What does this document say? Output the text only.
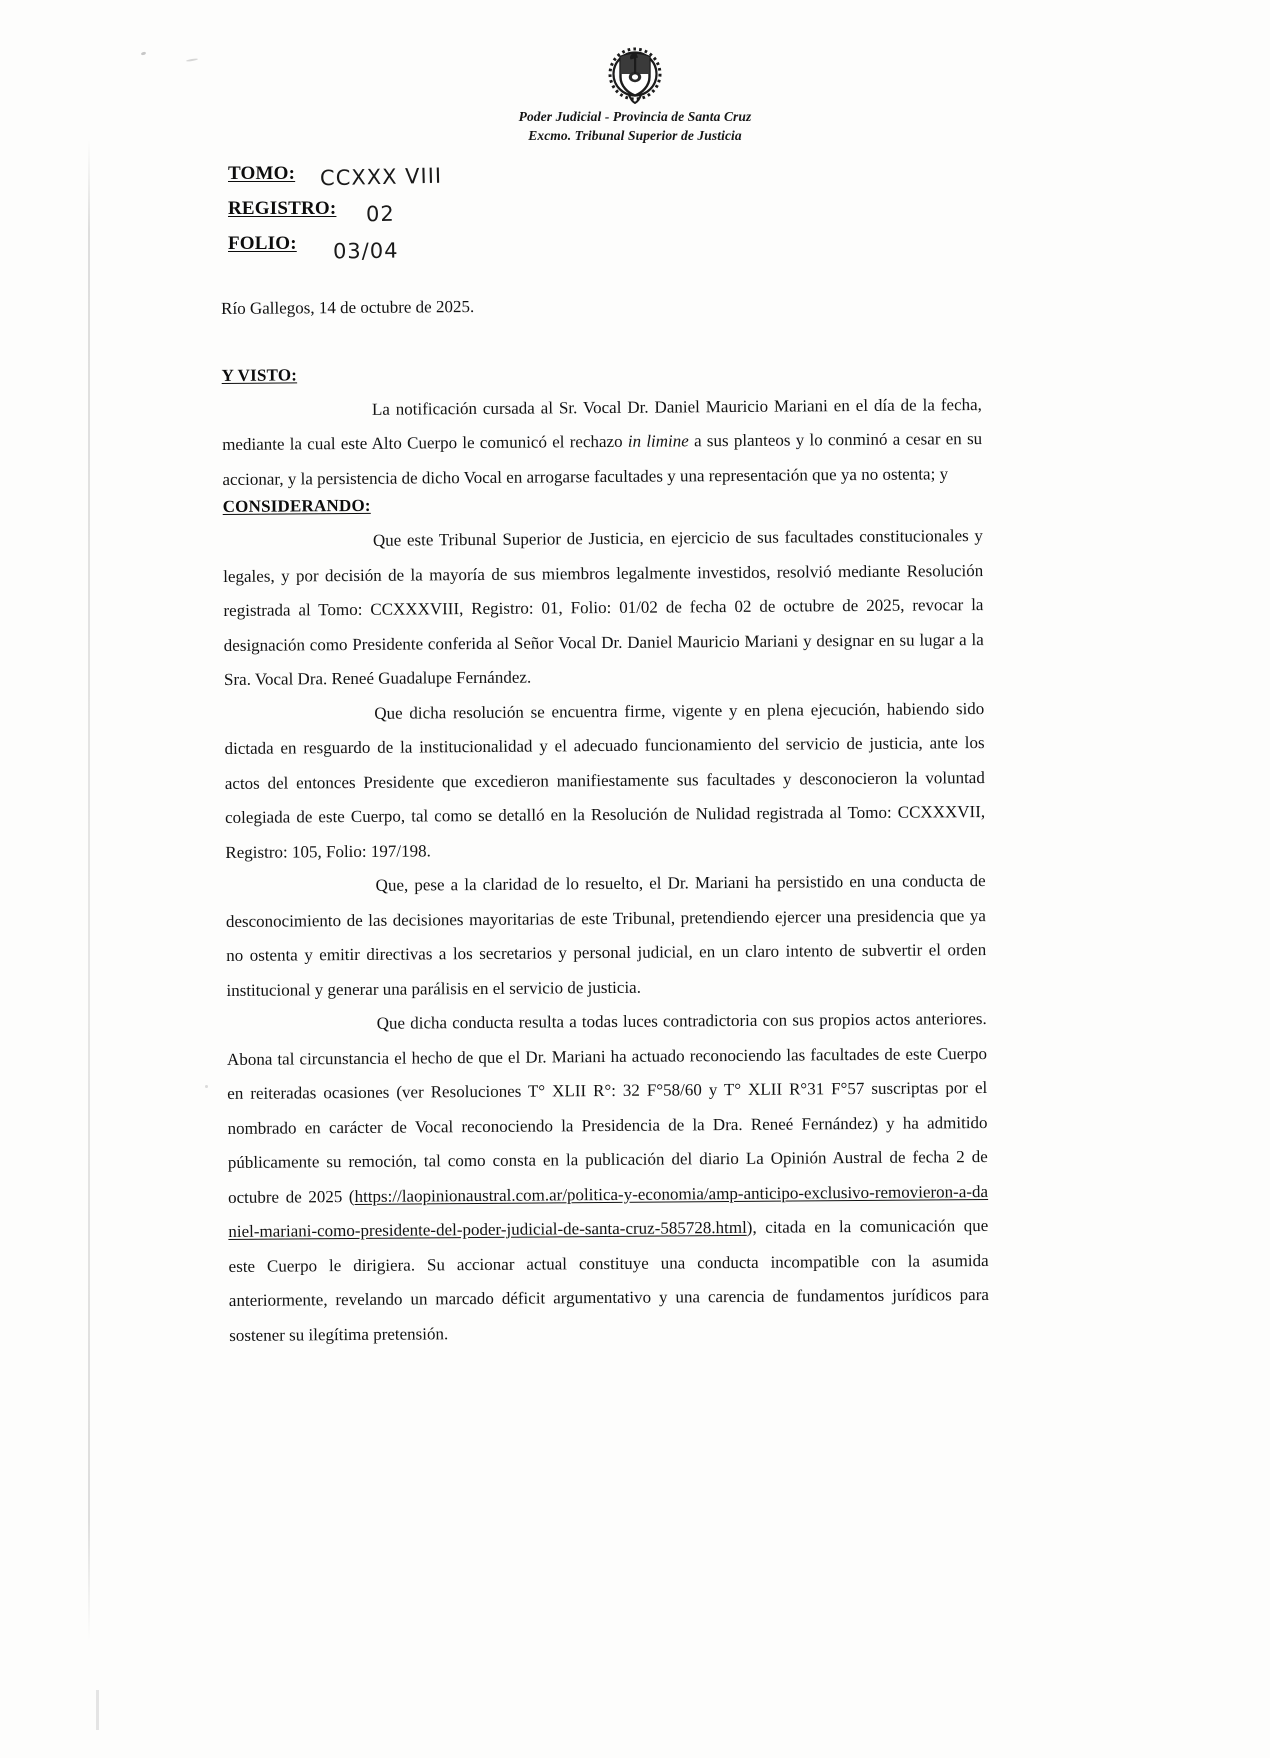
Poder Judicial - Provincia de Santa Cruz
Excmo. Tribunal Superior de Justicia
TOMO: CCXXX VIII
REGISTRO: 02
FOLIO: 03/04
Río Gallegos, 14 de octubre de 2025.
Y VISTO:

La notificación cursada al Sr. Vocal Dr. Daniel Mauricio Mariani en el día de la fecha, mediante la cual este Alto Cuerpo le comunicó el rechazo in limine a sus planteos y lo conminó a cesar en su accionar, y la persistencia de dicho Vocal en arrogarse facultades y una representación que ya no ostenta; y

CONSIDERANDO:

Que este Tribunal Superior de Justicia, en ejercicio de sus facultades constitucionales y legales, y por decisión de la mayoría de sus miembros legalmente investidos, resolvió mediante Resolución registrada al Tomo: CCXXXVIII, Registro: 01, Folio: 01/02 de fecha 02 de octubre de 2025, revocar la designación como Presidente conferida al Señor Vocal Dr. Daniel Mauricio Mariani y designar en su lugar a la Sra. Vocal Dra. Reneé Guadalupe Fernández.

Que dicha resolución se encuentra firme, vigente y en plena ejecución, habiendo sido dictada en resguardo de la institucionalidad y el adecuado funcionamiento del servicio de justicia, ante los actos del entonces Presidente que excedieron manifiestamente sus facultades y desconocieron la voluntad colegiada de este Cuerpo, tal como se detalló en la Resolución de Nulidad registrada al Tomo: CCXXXVII, Registro: 105, Folio: 197/198.

Que, pese a la claridad de lo resuelto, el Dr. Mariani ha persistido en una conducta de desconocimiento de las decisiones mayoritarias de este Tribunal, pretendiendo ejercer una presidencia que ya no ostenta y emitir directivas a los secretarios y personal judicial, en un claro intento de subvertir el orden institucional y generar una parálisis en el servicio de justicia.

Que dicha conducta resulta a todas luces contradictoria con sus propios actos anteriores. Abona tal circunstancia el hecho de que el Dr. Mariani ha actuado reconociendo las facultades de este Cuerpo en reiteradas ocasiones (ver Resoluciones T° XLII R°: 32 F°58/60 y T° XLII R°31 F°57 suscriptas por el nombrado en carácter de Vocal reconociendo la Presidencia de la Dra. Reneé Fernández) y ha admitido públicamente su remoción, tal como consta en la publicación del diario La Opinión Austral de fecha 2 de octubre de 2025 (https://laopinionaustral.com.ar/politica-y-economia/amp-anticipo-exclusivo-removieron-a-daniel-mariani-como-presidente-del-poder-judicial-de-santa-cruz-585728.html), citada en la comunicación que este Cuerpo le dirigiera. Su accionar actual constituye una conducta incompatible con la asumida anteriormente, revelando un marcado déficit argumentativo y una carencia de fundamentos jurídicos para sostener su ilegítima pretensión.
